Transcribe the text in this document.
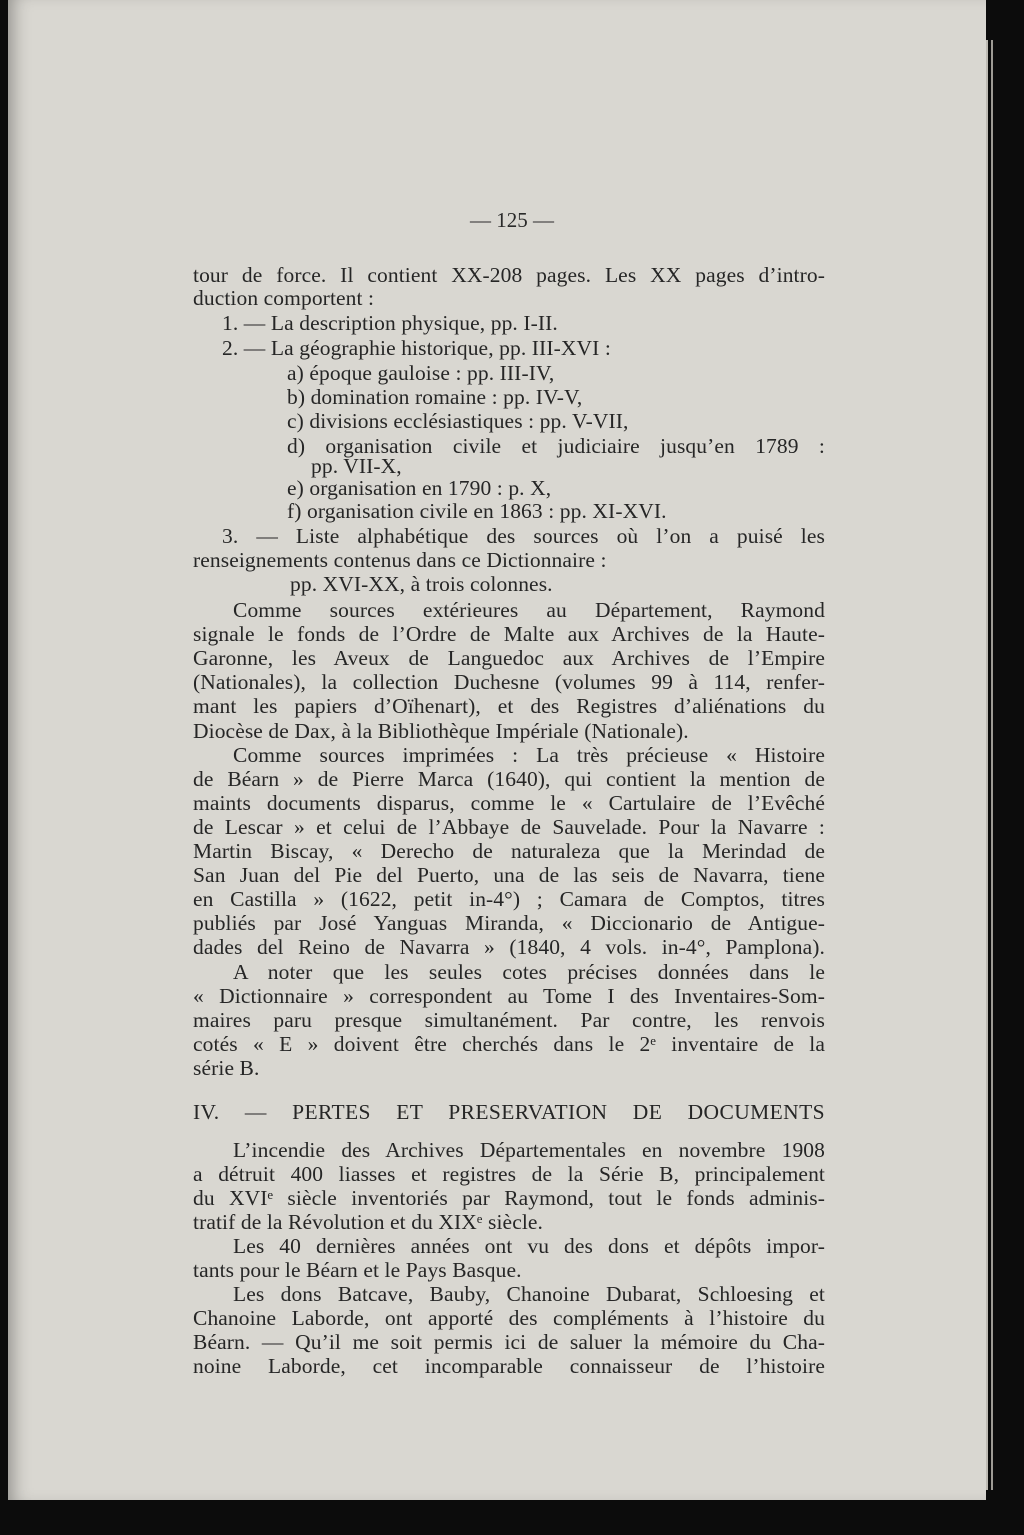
— 125 —
tour de force. Il contient XX-208 pages. Les XX pages d’intro-
duction comportent :
1. — La description physique, pp. I-II.
2. — La géographie historique, pp. III-XVI :
a) époque gauloise : pp. III-IV,
b) domination romaine : pp. IV-V,
c) divisions ecclésiastiques : pp. V-VII,
d) organisation civile et judiciaire jusqu’en 1789 :
pp. VII-X,
e) organisation en 1790 : p. X,
f) organisation civile en 1863 : pp. XI-XVI.
3. — Liste alphabétique des sources où l’on a puisé les
renseignements contenus dans ce Dictionnaire :
pp. XVI-XX, à trois colonnes.
Comme sources extérieures au Département, Raymond
signale le fonds de l’Ordre de Malte aux Archives de la Haute-
Garonne, les Aveux de Languedoc aux Archives de l’Empire
(Nationales), la collection Duchesne (volumes 99 à 114, renfer-
mant les papiers d’Oïhenart), et des Registres d’aliénations du
Diocèse de Dax, à la Bibliothèque Impériale (Nationale).
Comme sources imprimées : La très précieuse « Histoire
de Béarn » de Pierre Marca (1640), qui contient la mention de
maints documents disparus, comme le « Cartulaire de l’Evêché
de Lescar » et celui de l’Abbaye de Sauvelade. Pour la Navarre :
Martin Biscay, « Derecho de naturaleza que la Merindad de
San Juan del Pie del Puerto, una de las seis de Navarra, tiene
en Castilla » (1622, petit in-4°) ; Camara de Comptos, titres
publiés par José Yanguas Miranda, « Diccionario de Antigue-
dades del Reino de Navarra » (1840, 4 vols. in-4°, Pamplona).
A noter que les seules cotes précises données dans le
« Dictionnaire » correspondent au Tome I des Inventaires-Som-
maires paru presque simultanément. Par contre, les renvois
cotés « E » doivent être cherchés dans le 2ᵉ inventaire de la
série B.
IV. — PERTES ET PRESERVATION DE DOCUMENTS
L’incendie des Archives Départementales en novembre 1908
a détruit 400 liasses et registres de la Série B, principalement
du XVIᵉ siècle inventoriés par Raymond, tout le fonds adminis-
tratif de la Révolution et du XIXᵉ siècle.
Les 40 dernières années ont vu des dons et dépôts impor-
tants pour le Béarn et le Pays Basque.
Les dons Batcave, Bauby, Chanoine Dubarat, Schloesing et
Chanoine Laborde, ont apporté des compléments à l’histoire du
Béarn. — Qu’il me soit permis ici de saluer la mémoire du Cha-
noine Laborde, cet incomparable connaisseur de l’histoire
